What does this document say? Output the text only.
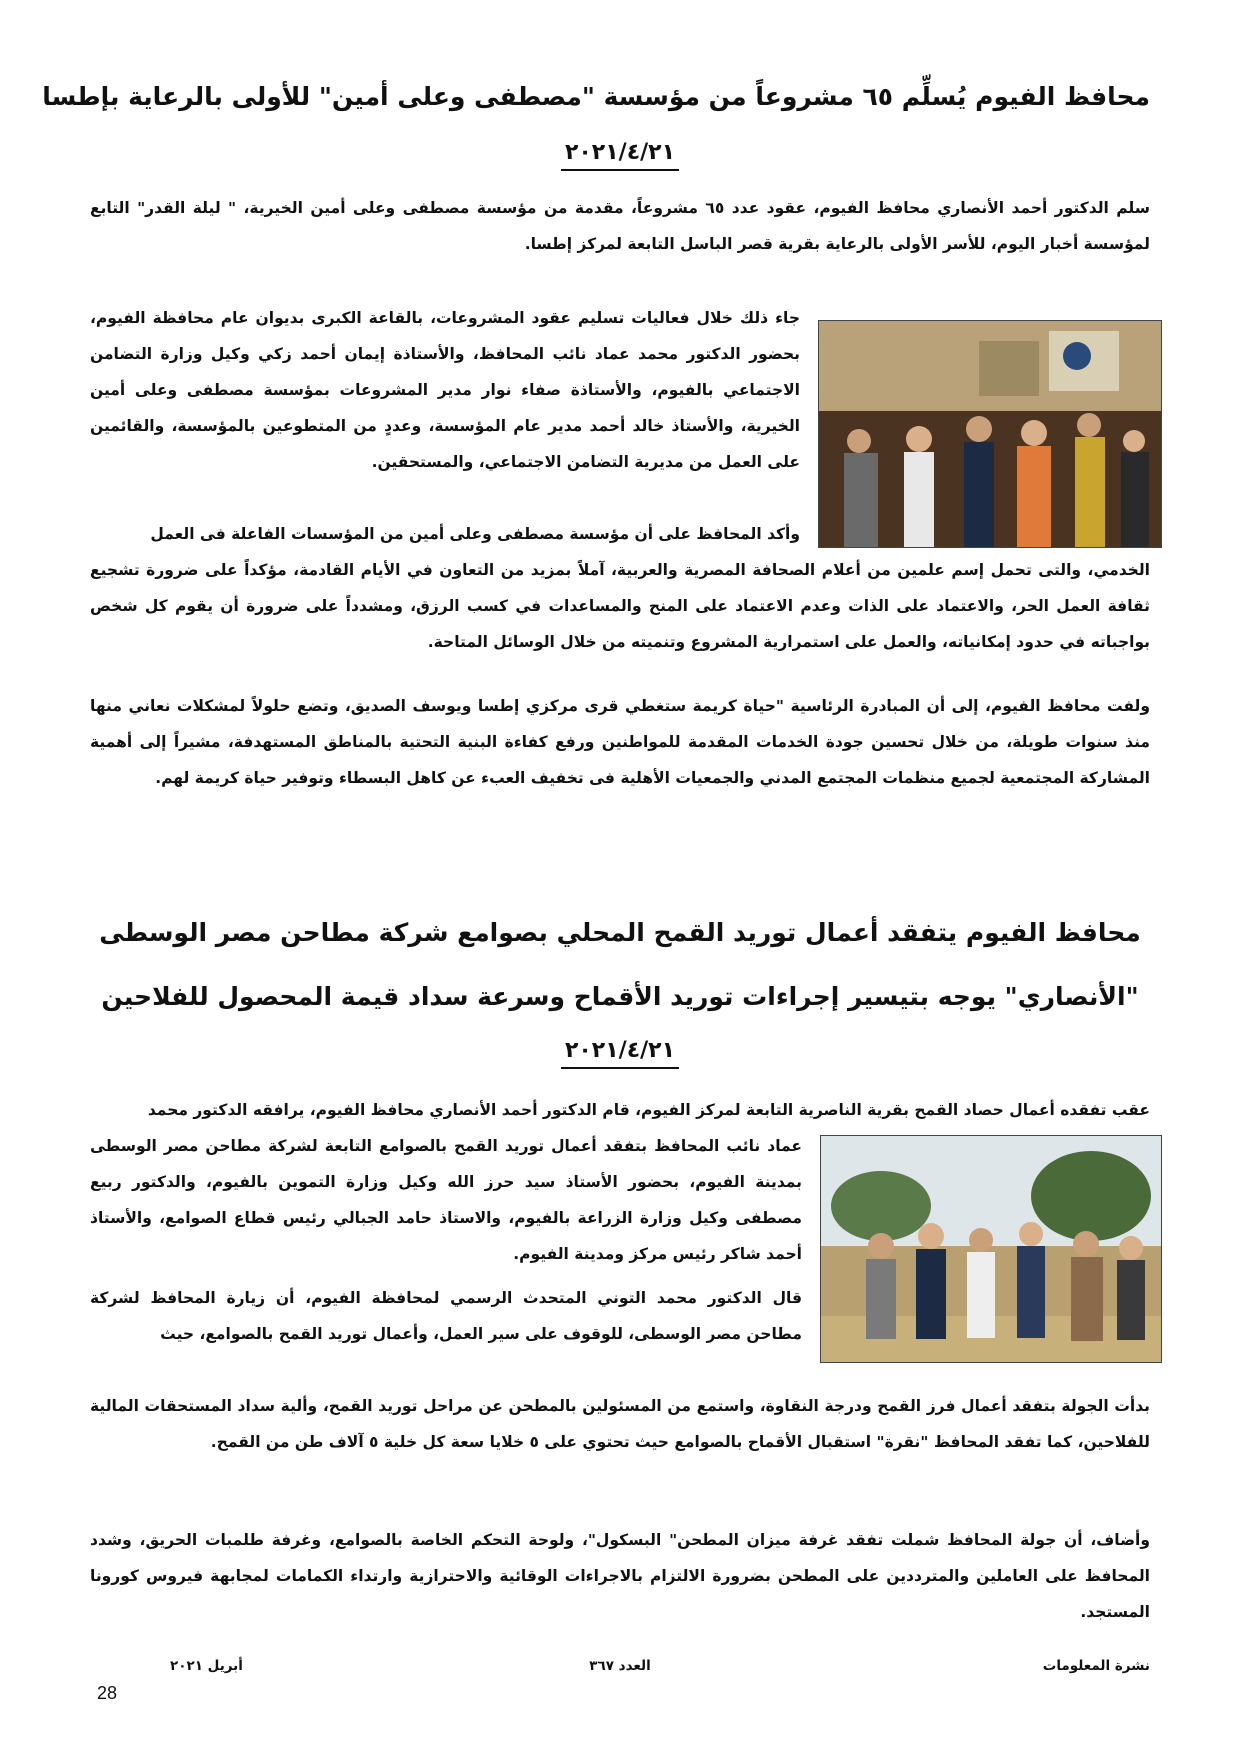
محافظ الفيوم يُسلِّم ٦٥ مشروعاً من مؤسسة "مصطفى وعلى أمين" للأولى بالرعاية بإطسا
٢٠٢١/٤/٢١
سلم الدكتور أحمد الأنصاري محافظ الفيوم، عقود عدد ٦٥ مشروعاً، مقدمة من مؤسسة مصطفى وعلى أمين الخيرية، " ليلة القدر" التابع لمؤسسة أخبار اليوم، للأسر الأولى بالرعاية بقرية قصر الباسل التابعة لمركز إطسا.
جاء ذلك خلال فعاليات تسليم عقود المشروعات، بالقاعة الكبرى بديوان عام محافظة الفيوم، بحضور الدكتور محمد عماد نائب المحافظ، والأستاذة إيمان أحمد زكي وكيل وزارة التضامن الاجتماعي بالفيوم، والأستاذة صفاء نوار مدير المشروعات بمؤسسة مصطفى وعلى أمين الخيرية، والأستاذ خالد أحمد مدير عام المؤسسة، وعددٍ من المتطوعين بالمؤسسة، والقائمين على العمل من مديرية التضامن الاجتماعي، والمستحقين.
وأكد المحافظ على أن مؤسسة مصطفى وعلى أمين من المؤسسات الفاعلة فى العمل
الخدمي، والتى تحمل إسم علمين من أعلام الصحافة المصرية والعربية، آملاً بمزيد من التعاون في الأيام القادمة، مؤكداً على ضرورة تشجيع ثقافة العمل الحر، والاعتماد على الذات وعدم الاعتماد على المنح والمساعدات في كسب الرزق، ومشدداً على ضرورة أن يقوم كل شخص بواجباته في حدود إمكانياته، والعمل على استمرارية المشروع وتنميته من خلال الوسائل المتاحة.
ولفت محافظ الفيوم، إلى أن المبادرة الرئاسية "حياة كريمة ستغطي قرى مركزي إطسا ويوسف الصديق، وتضع حلولاً لمشكلات نعاني منها منذ سنوات طويلة، من خلال تحسين جودة الخدمات المقدمة للمواطنين ورفع كفاءة البنية التحتية بالمناطق المستهدفة، مشيراً إلى أهمية المشاركة المجتمعية لجميع منظمات المجتمع المدني والجمعيات الأهلية فى تخفيف العبء عن كاهل البسطاء وتوفير حياة كريمة لهم.
محافظ الفيوم يتفقد أعمال توريد القمح المحلي بصوامع شركة مطاحن مصر الوسطى
"الأنصاري" يوجه بتيسير إجراءات توريد الأقماح وسرعة سداد قيمة المحصول للفلاحين
٢٠٢١/٤/٢١
عقب تفقده أعمال حصاد القمح بقرية الناصرية التابعة لمركز الفيوم، قام الدكتور أحمد الأنصاري محافظ الفيوم، يرافقه الدكتور محمد
عماد نائب المحافظ بتفقد أعمال توريد القمح بالصوامع التابعة لشركة مطاحن مصر الوسطى بمدينة الفيوم، بحضور الأستاذ سيد حرز الله وكيل وزارة التموين بالفيوم، والدكتور ربيع مصطفى وكيل وزارة الزراعة بالفيوم، والاستاذ حامد الجبالي رئيس قطاع الصوامع، والأستاذ أحمد شاكر رئيس مركز ومدينة الفيوم.
قال الدكتور محمد التوني المتحدث الرسمي لمحافظة الفيوم، أن زيارة المحافظ لشركة مطاحن مصر الوسطى، للوقوف على سير العمل، وأعمال توريد القمح بالصوامع، حيث
بدأت الجولة بتفقد أعمال فرز القمح ودرجة النقاوة، واستمع من المسئولين بالمطحن عن مراحل توريد القمح، وألية سداد المستحقات المالية للفلاحين، كما تفقد المحافظ "نقرة" استقبال الأقماح بالصوامع حيث تحتوي على ٥ خلايا سعة كل خلية ٥ آلاف طن من القمح.
وأضاف، أن جولة المحافظ شملت تفقد غرفة ميزان المطحن" البسكول"، ولوحة التحكم الخاصة بالصوامع، وغرفة طلمبات الحريق، وشدد المحافظ على العاملين والمترددين على المطحن بضرورة الالتزام بالاجراءات الوقائية والاحترازية وارتداء الكمامات لمجابهة فيروس كورونا المستجد.
نشرة المعلومات
العدد ٣٦٧
أبريل ٢٠٢١
28
